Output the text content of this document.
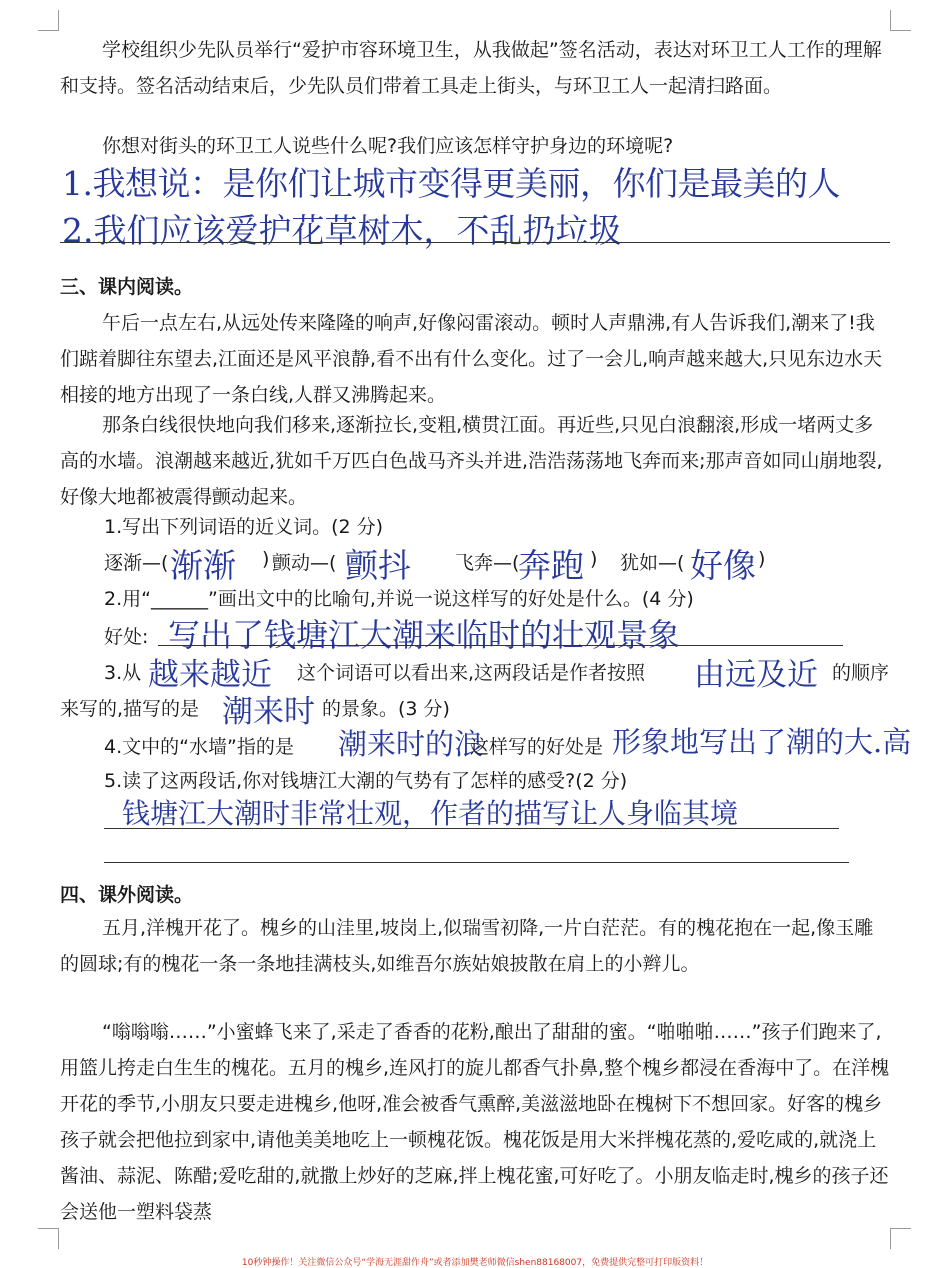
学校组织少先队员举行“爱护市容环境卫生，从我做起”签名活动，表达对环卫工人工作的理解和支持。签名活动结束后，少先队员们带着工具走上街头，与环卫工人一起清扫路面。

你想对街头的环卫工人说些什么呢?我们应该怎样守护身边的环境呢?

1.我想说：是你们让城市变得更美丽，你们是最美的人
2.我们应该爱护花草树木，不乱扔垃圾
三、课内阅读。

午后一点左右,从远处传来隆隆的响声,好像闷雷滚动。顿时人声鼎沸,有人告诉我们,潮来了!我们踮着脚往东望去,江面还是风平浪静,看不出有什么变化。过了一会儿,响声越来越大,只见东边水天相接的地方出现了一条白线,人群又沸腾起来。

那条白线很快地向我们移来,逐渐拉长,变粗,横贯江面。再近些,只见白浪翻滚,形成一堵两丈多高的水墙。浪潮越来越近,犹如千万匹白色战马齐头并进,浩浩荡荡地飞奔而来;那声音如同山崩地裂,好像大地都被震得颤动起来。

1.写出下列词语的近义词。(2 分)
逐渐—( 渐渐 ) 颤动—( 颤抖 飞奔—(
奔跑 ) 犹如—( 好像 )
2.用“______”画出文中的比喻句,并说一说这样写的好处是什么。(4 分)
好处: 写出了钱塘江大潮来临时的壮观景象
3.从 越来越近 这个词语可以看出来,这两段话是作者按照 由远及近 的顺序
来写的,描写的是 潮来时 的景象。(3 分)
4.文中的“水墙”指的是 潮来时的浪
这样写的好处是 形象地写出了潮的大.高
5.读了这两段话,你对钱塘江大潮的气势有了怎样的感受?(2 分)
钱塘江大潮时非常壮观，作者的描写让人身临其境
四、课外阅读。

五月,洋槐开花了。槐乡的山洼里,坡岗上,似瑞雪初降,一片白茫茫。有的槐花抱在一起,像玉雕的圆球;有的槐花一条一条地挂满枝头,如维吾尔族姑娘披散在肩上的小辫儿。

“嗡嗡嗡……”小蜜蜂飞来了,采走了香香的花粉,酿出了甜甜的蜜。“啪啪啪……”孩子们跑来了,用篮儿挎走白生生的槐花。五月的槐乡,连风打的旋儿都香气扑鼻,整个槐乡都浸在香海中了。在洋槐开花的季节,小朋友只要走进槐乡,他呀,准会被香气熏醉,美滋滋地卧在槐树下不想回家。好客的槐乡孩子就会把他拉到家中,请他美美地吃上一顿槐花饭。槐花饭是用大米拌槐花蒸的,爱吃咸的,就浇上酱油、蒜泥、陈醋;爱吃甜的,就撒上炒好的芝麻,拌上槐花蜜,可好吃了。小朋友临走时,槐乡的孩子还会送他一塑料袋蒸

10秒钟操作！关注微信公众号“学海无涯甜作舟”或者添加樊老师微信shen88168007，免费提供完整可打印版资料！
